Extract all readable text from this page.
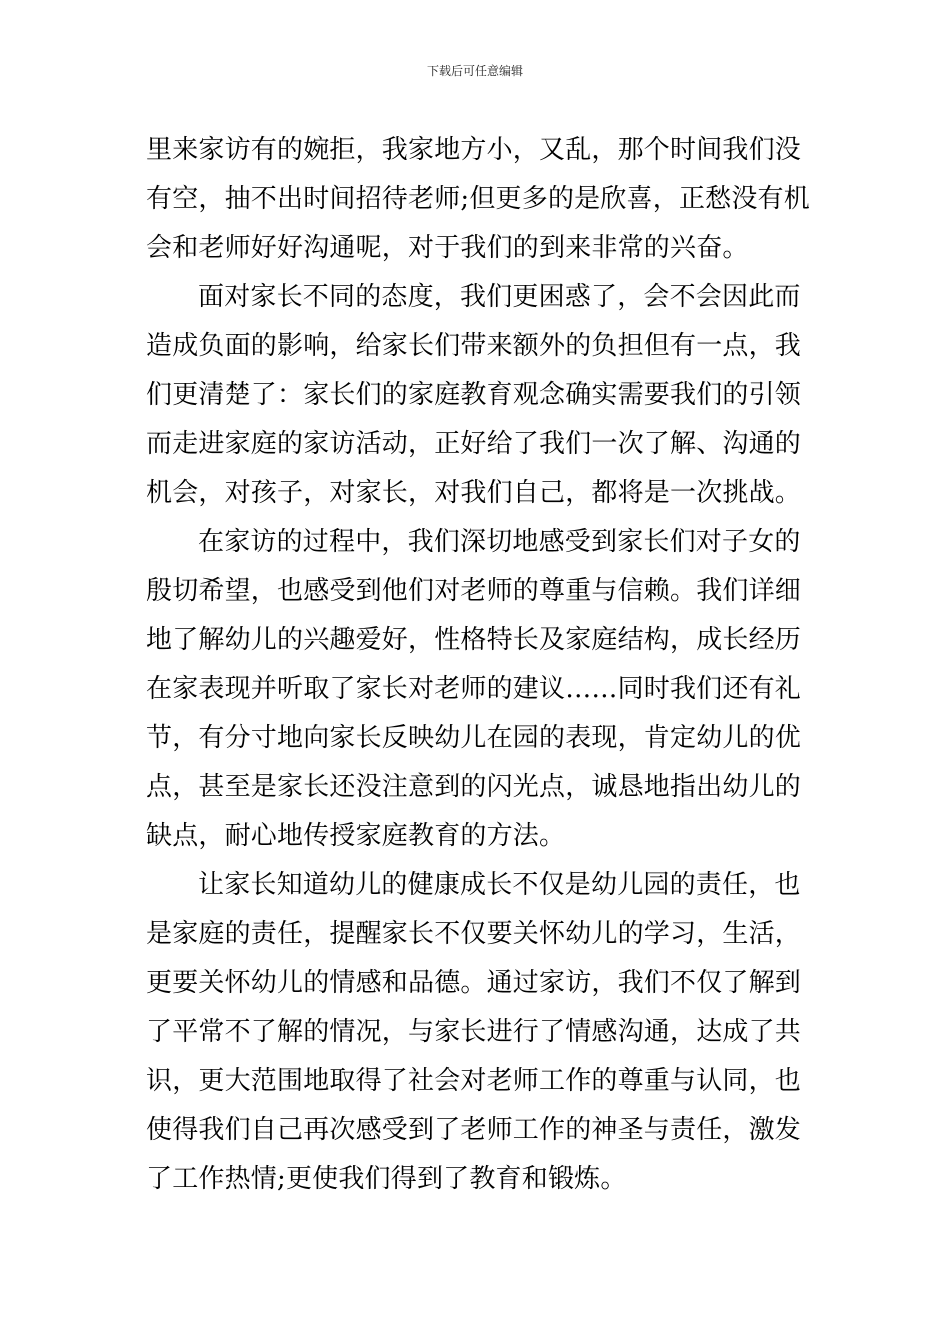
下载后可任意编辑
里来家访有的婉拒，我家地方小，又乱，那个时间我们没
有空，抽不出时间招待老师;但更多的是欣喜，正愁没有机
会和老师好好沟通呢，对于我们的到来非常的兴奋。
面对家长不同的态度，我们更困惑了，会不会因此而
造成负面的影响，给家长们带来额外的负担但有一点，我
们更清楚了：家长们的家庭教育观念确实需要我们的引领
而走进家庭的家访活动，正好给了我们一次了解、沟通的
机会，对孩子，对家长，对我们自己，都将是一次挑战。
在家访的过程中，我们深切地感受到家长们对子女的
殷切希望，也感受到他们对老师的尊重与信赖。我们详细
地了解幼儿的兴趣爱好，性格特长及家庭结构，成长经历
在家表现并听取了家长对老师的建议……同时我们还有礼
节，有分寸地向家长反映幼儿在园的表现，肯定幼儿的优
点，甚至是家长还没注意到的闪光点，诚恳地指出幼儿的
缺点，耐心地传授家庭教育的方法。
让家长知道幼儿的健康成长不仅是幼儿园的责任，也
是家庭的责任，提醒家长不仅要关怀幼儿的学习，生活，
更要关怀幼儿的情感和品德。通过家访，我们不仅了解到
了平常不了解的情况，与家长进行了情感沟通，达成了共
识，更大范围地取得了社会对老师工作的尊重与认同，也
使得我们自己再次感受到了老师工作的神圣与责任，激发
了工作热情;更使我们得到了教育和锻炼。
